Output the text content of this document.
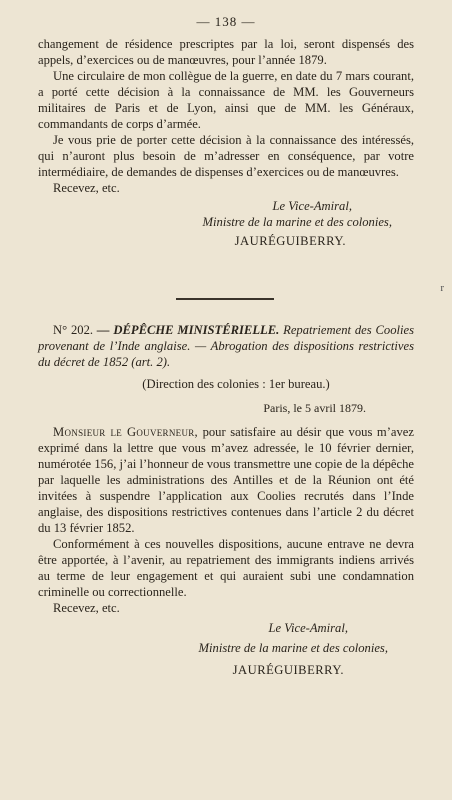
— 138 —

changement de résidence prescriptes par la loi, seront dispensés des appels, d’exercices ou de manœuvres, pour l’année 1879.

Une circulaire de mon collègue de la guerre, en date du 7 mars courant, a porté cette décision à la connaissance de MM. les Gouverneurs militaires de Paris et de Lyon, ainsi que de MM. les Généraux, commandants de corps d’armée.

Je vous prie de porter cette décision à la connaissance des intéressés, qui n’auront plus besoin de m’adresser en conséquence, par votre intermédiaire, de demandes de dispenses d’exercices ou de manœuvres.

Recevez, etc.

Le Vice-Amiral,
Ministre de la marine et des colonies,
JAURÉGUIBERRY.
r

N° 202. — DÉPÊCHE MINISTÉRIELLE. Repatriement des Coolies provenant de l’Inde anglaise. — Abrogation des dispositions restrictives du décret de 1852 (art. 2).

(Direction des colonies : 1er bureau.)
Paris, le 5 avril 1879.

Monsieur le Gouverneur, pour satisfaire au désir que vous m’avez exprimé dans la lettre que vous m’avez adressée, le 10 février dernier, numérotée 156, j’ai l’honneur de vous transmettre une copie de la dépêche par laquelle les administrations des Antilles et de la Réunion ont été invitées à suspendre l’application aux Coolies recrutés dans l’Inde anglaise, des dispositions restrictives contenues dans l’article 2 du décret du 13 février 1852.

Conformément à ces nouvelles dispositions, aucune entrave ne devra être apportée, à l’avenir, au repatriement des immigrants indiens arrivés au terme de leur engagement et qui auraient subi une condamnation criminelle ou correctionnelle.

Recevez, etc.

Le Vice-Amiral,
Ministre de la marine et des colonies,
JAURÉGUIBERRY.
